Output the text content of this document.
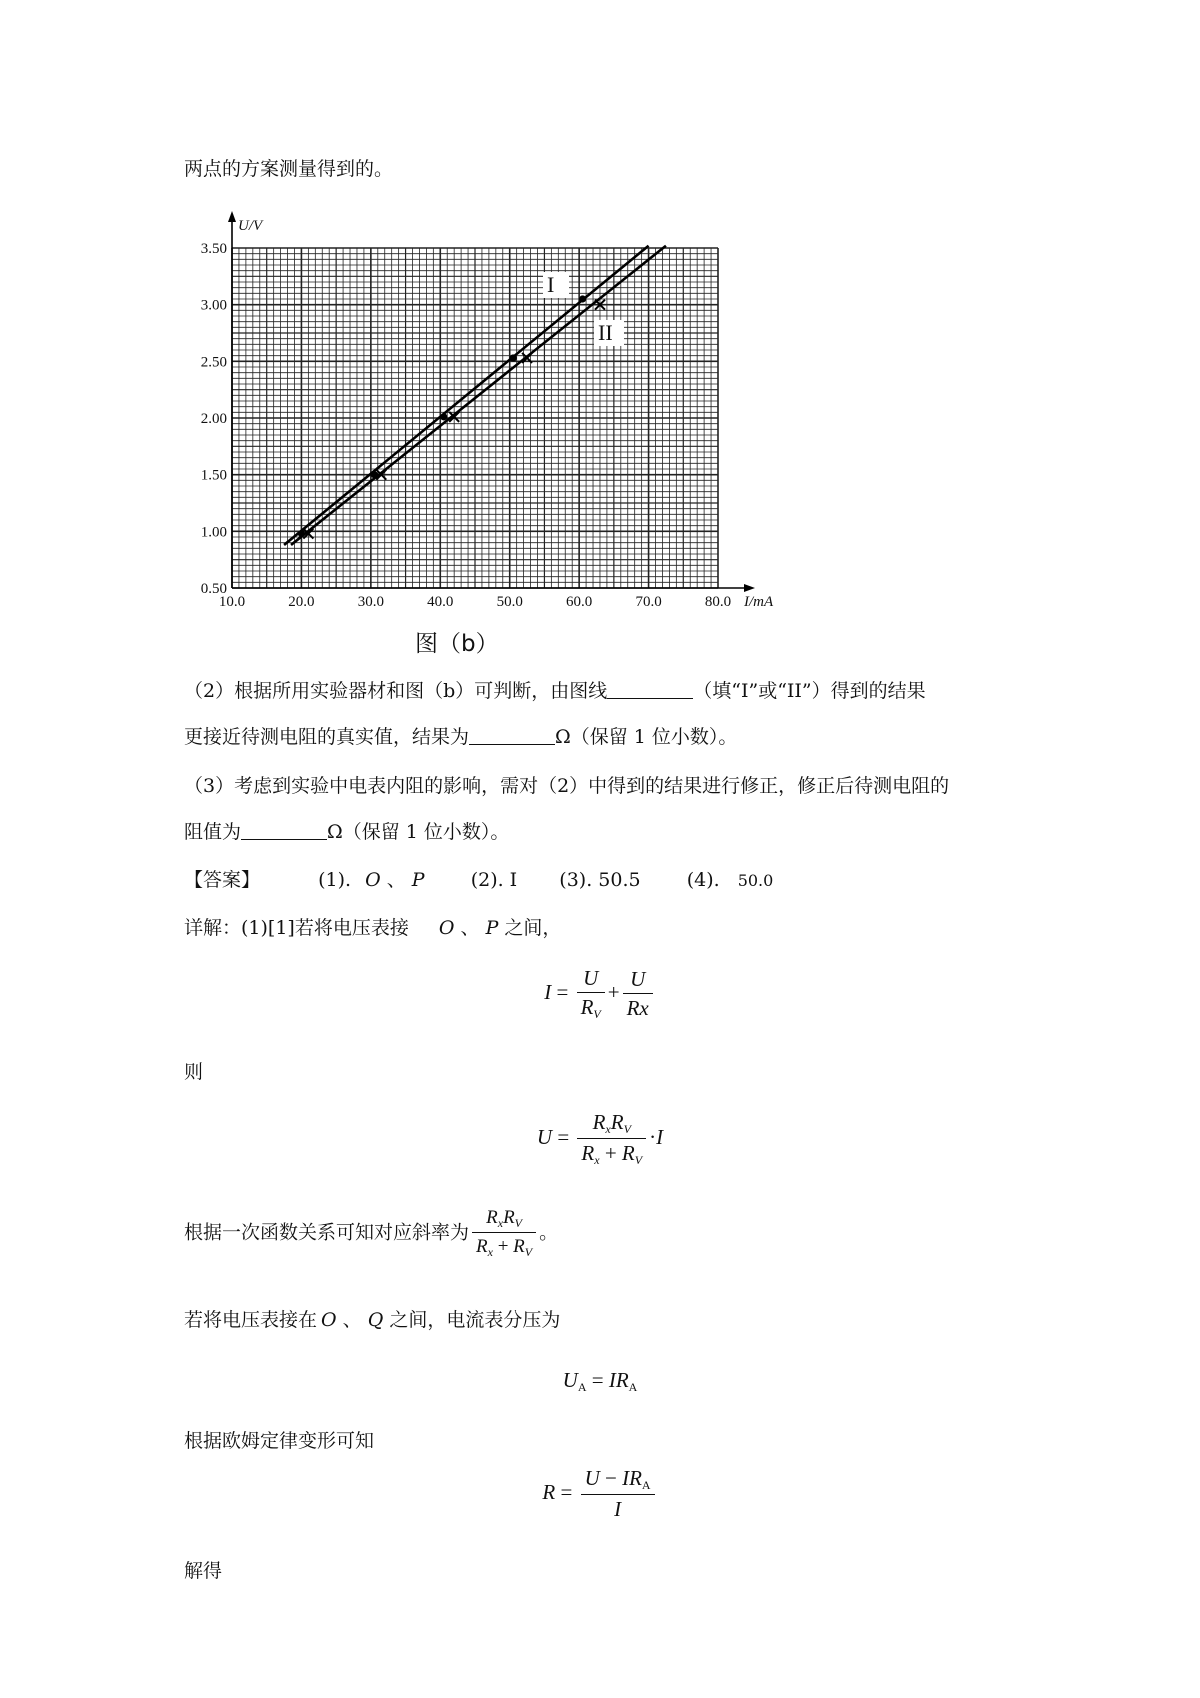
两点的方案测量得到的。
0.50
1.00
1.50
2.00
2.50
3.00
3.50
10.0	20.0	30.0	40.0	50.0	60.0	70.0	80.0
U/V
I/mA
I
II
图（b）
（2）根据所用实验器材和图（b）可判断，由图线	（填“I”或“II”）得到的结果
更接近待测电阻的真实值，结果为	Ω（保留 1 位小数）。
（3）考虑到实验中电表内阻的影响，需对（2）中得到的结果进行修正，修正后待测电阻的
阻值为	Ω（保留 1 位小数）。
【答案】	(1). O 、 P (2). I (3). 50.5 (4). 50.0
详解：(1)[1]若将电压表接 O 、 P 之间，
$I = \frac{U}{R_V} + \frac{U}{Rx}$
则
$U = \frac{R_xR_V}{R_x + R_V} \cdot I$
根据一次函数关系可知对应斜率为 $\frac{R_xR_V}{R_x + R_V}$ 。
若将电压表接在 O 、 Q 之间，电流表分压为
$U_A = IR_A$
根据欧姆定律变形可知
$R = \frac{U - IR_A}{I}$
解得
